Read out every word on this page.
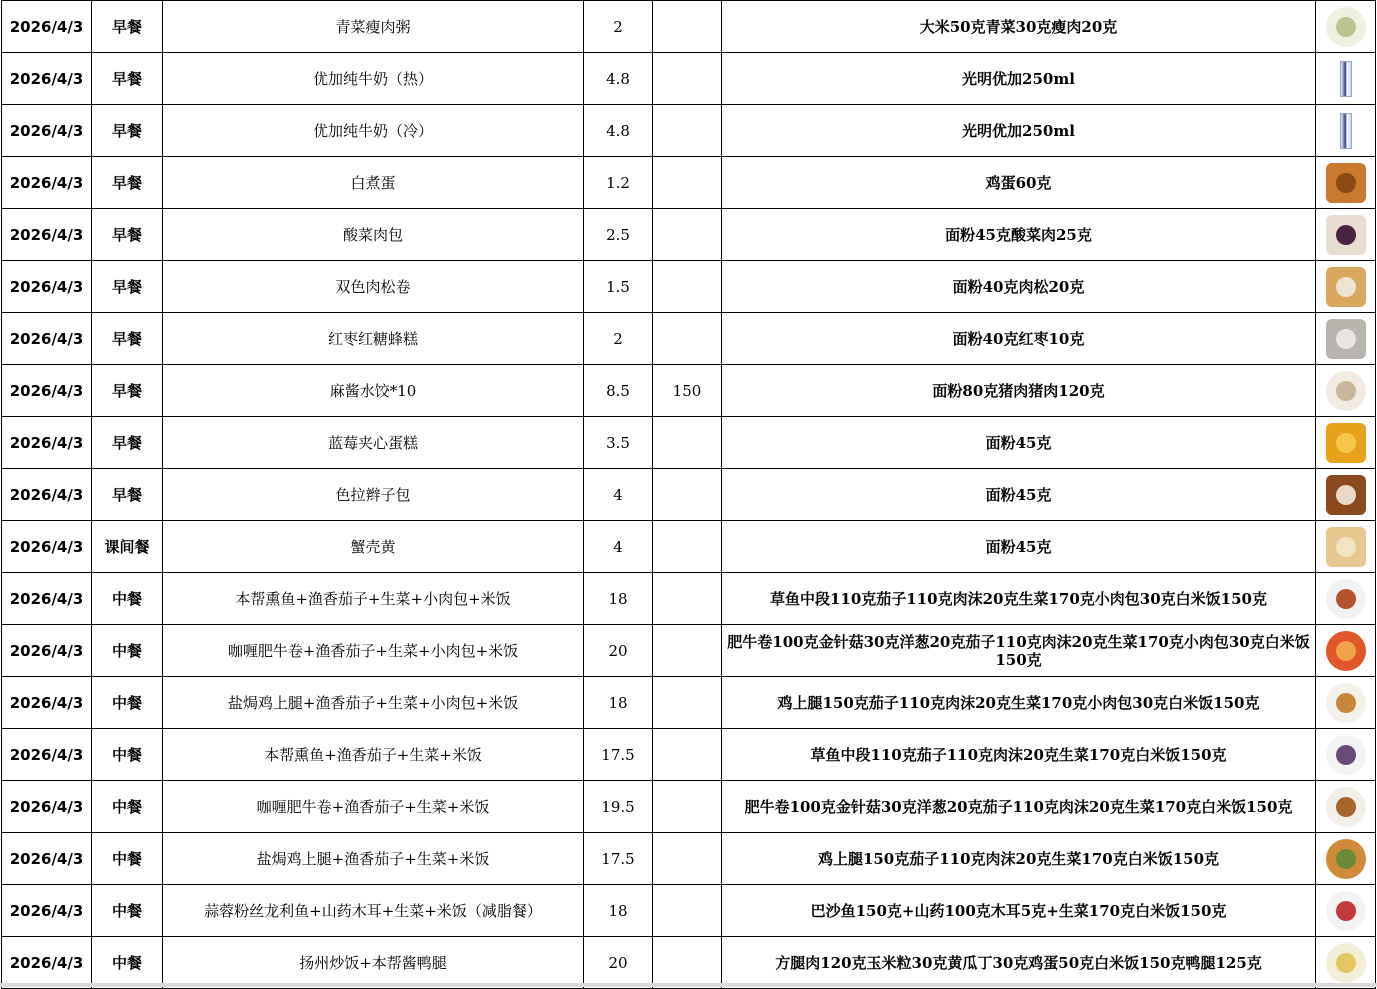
2026/4/3	早餐	青菜瘦肉粥	2		大米50克青菜30克瘦肉20克	

2026/4/3	早餐	优加纯牛奶（热）	4.8		光明优加250ml	

2026/4/3	早餐	优加纯牛奶（冷）	4.8		光明优加250ml	

2026/4/3	早餐	白煮蛋	1.2		鸡蛋60克	

2026/4/3	早餐	酸菜肉包	2.5		面粉45克酸菜肉25克	

2026/4/3	早餐	双色肉松卷	1.5		面粉40克肉松20克	

2026/4/3	早餐	红枣红糖蜂糕	2		面粉40克红枣10克	

2026/4/3	早餐	麻酱水饺*10	8.5	150	面粉80克猪肉猪肉120克	

2026/4/3	早餐	蓝莓夹心蛋糕	3.5		面粉45克	

2026/4/3	早餐	色拉辫子包	4		面粉45克	

2026/4/3	课间餐	蟹壳黄	4		面粉45克	

2026/4/3	中餐	本帮熏鱼+渔香茄子+生菜+小肉包+米饭	18		草鱼中段110克茄子110克肉沫20克生菜170克小肉包30克白米饭150克	

2026/4/3	中餐	咖喱肥牛卷+渔香茄子+生菜+小肉包+米饭	20		肥牛卷100克金针菇30克洋葱20克茄子110克肉沫20克生菜170克小肉包30克白米饭150克	

2026/4/3	中餐	盐焗鸡上腿+渔香茄子+生菜+小肉包+米饭	18		鸡上腿150克茄子110克肉沫20克生菜170克小肉包30克白米饭150克	

2026/4/3	中餐	本帮熏鱼+渔香茄子+生菜+米饭	17.5		草鱼中段110克茄子110克肉沫20克生菜170克白米饭150克	

2026/4/3	中餐	咖喱肥牛卷+渔香茄子+生菜+米饭	19.5		肥牛卷100克金针菇30克洋葱20克茄子110克肉沫20克生菜170克白米饭150克	

2026/4/3	中餐	盐焗鸡上腿+渔香茄子+生菜+米饭	17.5		鸡上腿150克茄子110克肉沫20克生菜170克白米饭150克	

2026/4/3	中餐	蒜蓉粉丝龙利鱼+山药木耳+生菜+米饭（减脂餐）	18		巴沙鱼150克+山药100克木耳5克+生菜170克白米饭150克	

2026/4/3	中餐	扬州炒饭+本帮酱鸭腿	20		方腿肉120克玉米粒30克黄瓜丁30克鸡蛋50克白米饭150克鸭腿125克	
